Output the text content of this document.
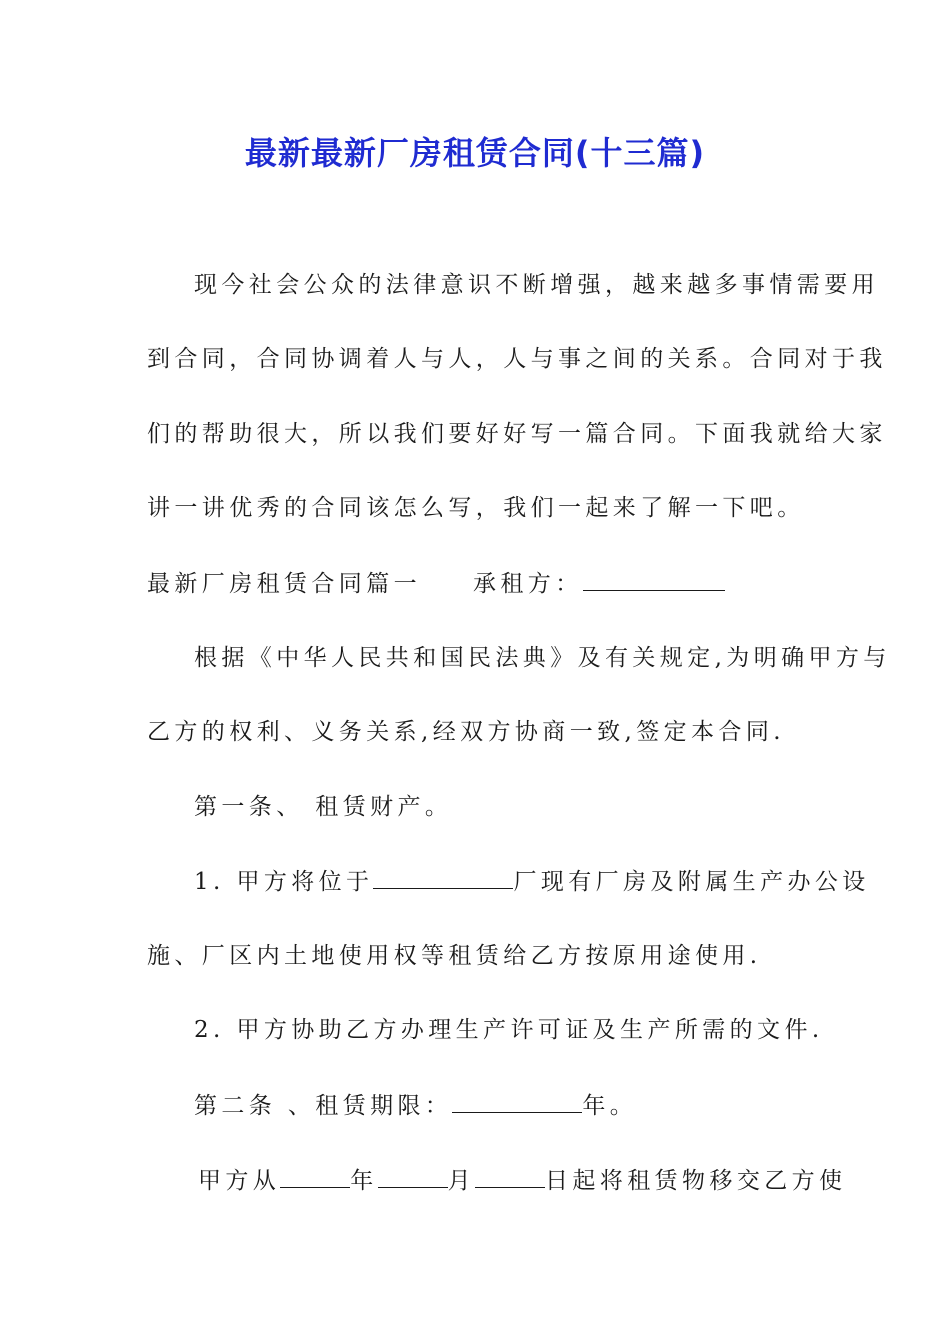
最新最新厂房租赁合同(十三篇)

现今社会公众的法律意识不断增强，越来越多事情需要用

到合同，合同协调着人与人，人与事之间的关系。合同对于我

们的帮助很大，所以我们要好好写一篇合同。下面我就给大家

讲一讲优秀的合同该怎么写，我们一起来了解一下吧。

最新厂房租赁合同篇一 承租方：

根据《中华人民共和国民法典》及有关规定,为明确甲方与

乙方的权利、义务关系,经双方协商一致,签定本合同.

第一条、 租赁财产。

1. 甲方将位于	厂现有厂房及附属生产办公设

施、厂区内土地使用权等租赁给乙方按原用途使用.

2. 甲方协助乙方办理生产许可证及生产所需的文件.

第二条 、租赁期限：	年。

甲方从	年	月	日起将租赁物移交乙方使
